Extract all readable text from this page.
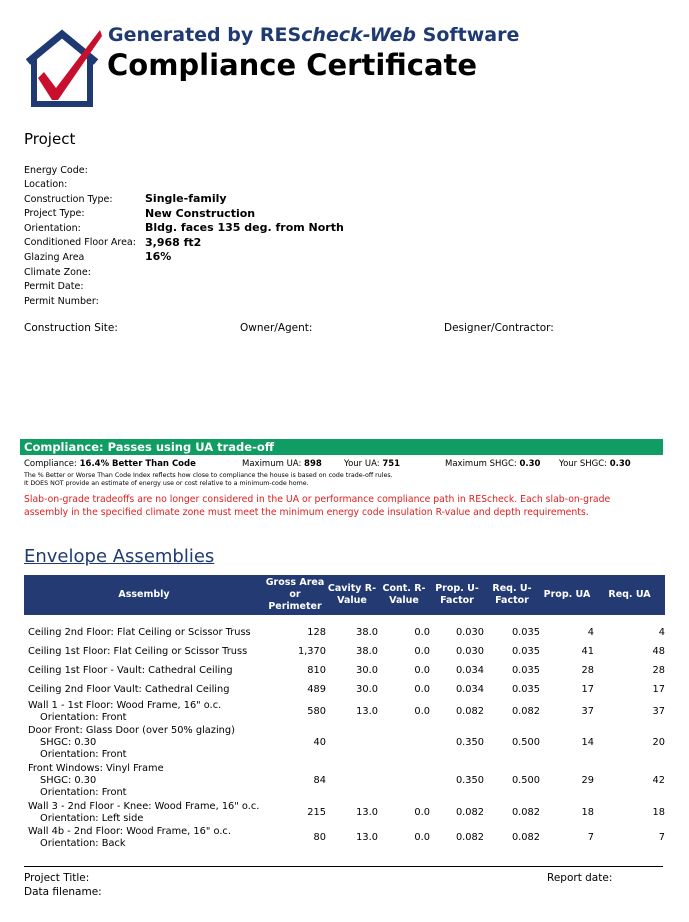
Generated by REScheck-Web Software
Compliance Certificate
Project
Energy Code:
Location:
Construction Type:	Single-family
Project Type:	New Construction
Orientation:	Bldg. faces 135 deg. from North
Conditioned Floor Area: 3,968 ft2
Glazing Area	16%
Climate Zone:
Permit Date:
Permit Number:
Construction Site:	Owner/Agent:	Designer/Contractor:
Compliance: Passes using UA trade-off
Compliance: 16.4% Better Than Code	Maximum UA: 898	Your UA: 751	Maximum SHGC: 0.30 Your SHGC: 0.30
The % Better or Worse Than Code Index reflects how close to compliance the house is based on code trade-off rules.
It DOES NOT provide an estimate of energy use or cost relative to a minimum-code home.
Slab-on-grade tradeoffs are no longer considered in the UA or performance compliance path in REScheck. Each slab-on-grade
assembly in the specified climate zone must meet the minimum energy code insulation R-value and depth requirements.
Envelope Assemblies
Assembly	Gross Area or Perimeter	Cavity R-Value	Cont. R-Value	Prop. U-Factor	Req. U-Factor	Prop. UA	Req. UA

Ceiling 2nd Floor: Flat Ceiling or Scissor Truss	128	38.0	0.0	0.030	0.035	4	4
Ceiling 1st Floor: Flat Ceiling or Scissor Truss	1,370	38.0	0.0	0.030	0.035	41	48
Ceiling 1st Floor - Vault: Cathedral Ceiling	810	30.0	0.0	0.034	0.035	28	28
Ceiling 2nd Floor Vault: Cathedral Ceiling	489	30.0	0.0	0.034	0.035	17	17
Wall 1 - 1st Floor: Wood Frame, 16" o.c.
Orientation: Front	580	13.0	0.0	0.082	0.082	37	37
Door Front: Glass Door (over 50% glazing)
SHGC: 0.30
Orientation: Front	40			0.350	0.500	14	20
Front Windows: Vinyl Frame
SHGC: 0.30
Orientation: Front	84			0.350	0.500	29	42
Wall 3 - 2nd Floor - Knee: Wood Frame, 16" o.c.
Orientation: Left side	215	13.0	0.0	0.082	0.082	18	18
Wall 4b - 2nd Floor: Wood Frame, 16" o.c.
Orientation: Back	80	13.0	0.0	0.082	0.082	7	7
Project Title:
Data filename:
Report date:
